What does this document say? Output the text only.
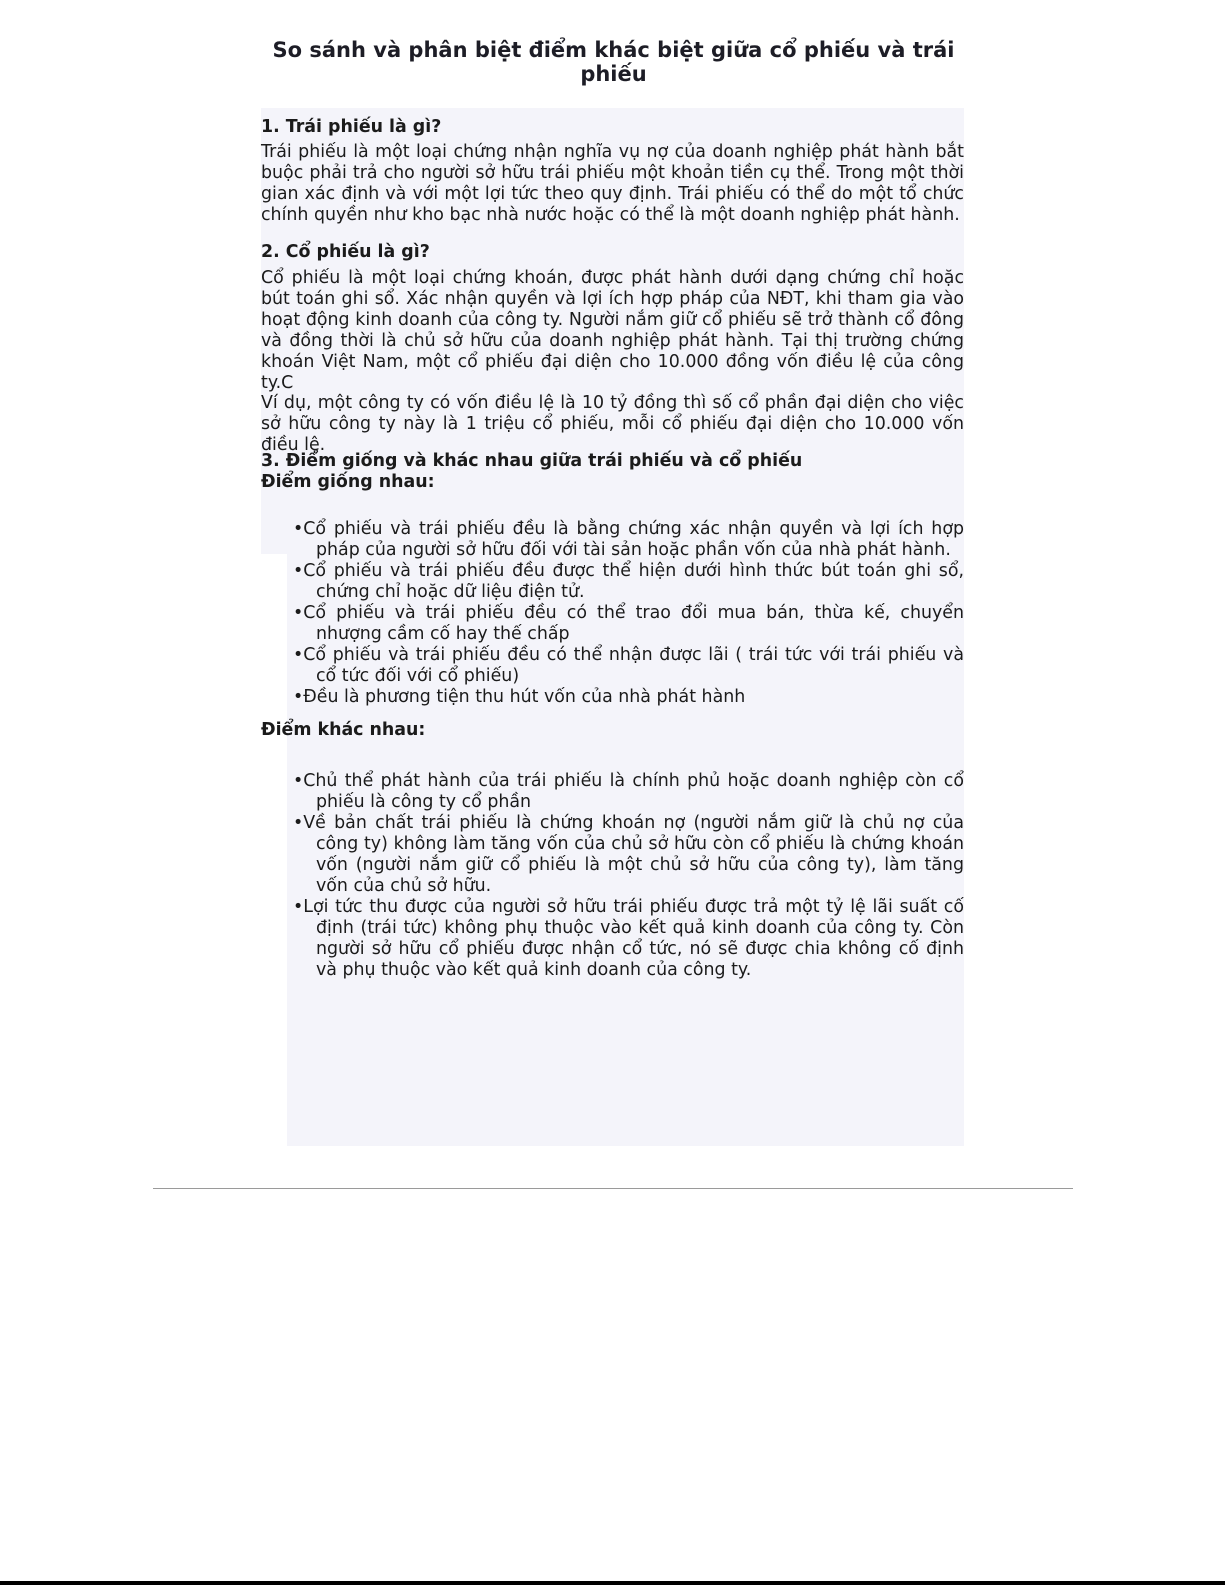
So sánh và phân biệt điểm khác biệt giữa cổ phiếu và trái phiếu
1. Trái phiếu là gì?

Trái phiếu là một loại chứng nhận nghĩa vụ nợ của doanh nghiệp phát hành bắt buộc phải trả cho người sở hữu trái phiếu một khoản tiền cụ thể. Trong một thời gian xác định và với một lợi tức theo quy định. Trái phiếu có thể do một tổ chức chính quyền như kho bạc nhà nước hoặc có thể là một doanh nghiệp phát hành.

2. Cổ phiếu là gì?

Cổ phiếu là một loại chứng khoán, được phát hành dưới dạng chứng chỉ hoặc bút toán ghi sổ. Xác nhận quyền và lợi ích hợp pháp của NĐT, khi tham gia vào hoạt động kinh doanh của công ty. Người nắm giữ cổ phiếu sẽ trở thành cổ đông và đồng thời là chủ sở hữu của doanh nghiệp phát hành. Tại thị trường chứng khoán Việt Nam, một cổ phiếu đại diện cho 10.000 đồng vốn điều lệ của công ty.C

Ví dụ, một công ty có vốn điều lệ là 10 tỷ đồng thì số cổ phần đại diện cho việc sở hữu công ty này là 1 triệu cổ phiếu, mỗi cổ phiếu đại diện cho 10.000 vốn điều lệ.

3. Điểm giống và khác nhau giữa trái phiếu và cổ phiếu
Điểm giống nhau:
•Cổ phiếu và trái phiếu đều là bằng chứng xác nhận quyền và lợi ích hợp pháp của người sở hữu đối với tài sản hoặc phần vốn của nhà phát hành.
•Cổ phiếu và trái phiếu đều được thể hiện dưới hình thức bút toán ghi sổ, chứng chỉ hoặc dữ liệu điện tử.
•Cổ phiếu và trái phiếu đều có thể trao đổi mua bán, thừa kế, chuyển nhượng cầm cố hay thế chấp
•Cổ phiếu và trái phiếu đều có thể nhận được lãi ( trái tức với trái phiếu và cổ tức đối với cổ phiếu)
•Đều là phương tiện thu hút vốn của nhà phát hành
Điểm khác nhau:
•Chủ thể phát hành của trái phiếu là chính phủ hoặc doanh nghiệp còn cổ phiếu là công ty cổ phần
•Về bản chất trái phiếu là chứng khoán nợ (người nắm giữ là chủ nợ của công ty) không làm tăng vốn của chủ sở hữu còn cổ phiếu là chứng khoán vốn (người nắm giữ cổ phiếu là một chủ sở hữu của công ty), làm tăng vốn của chủ sở hữu.
•Lợi tức thu được của người sở hữu trái phiếu được trả một tỷ lệ lãi suất cố định (trái tức) không phụ thuộc vào kết quả kinh doanh của công ty. Còn người sở hữu cổ phiếu được nhận cổ tức, nó sẽ được chia không cố định và phụ thuộc vào kết quả kinh doanh của công ty.
